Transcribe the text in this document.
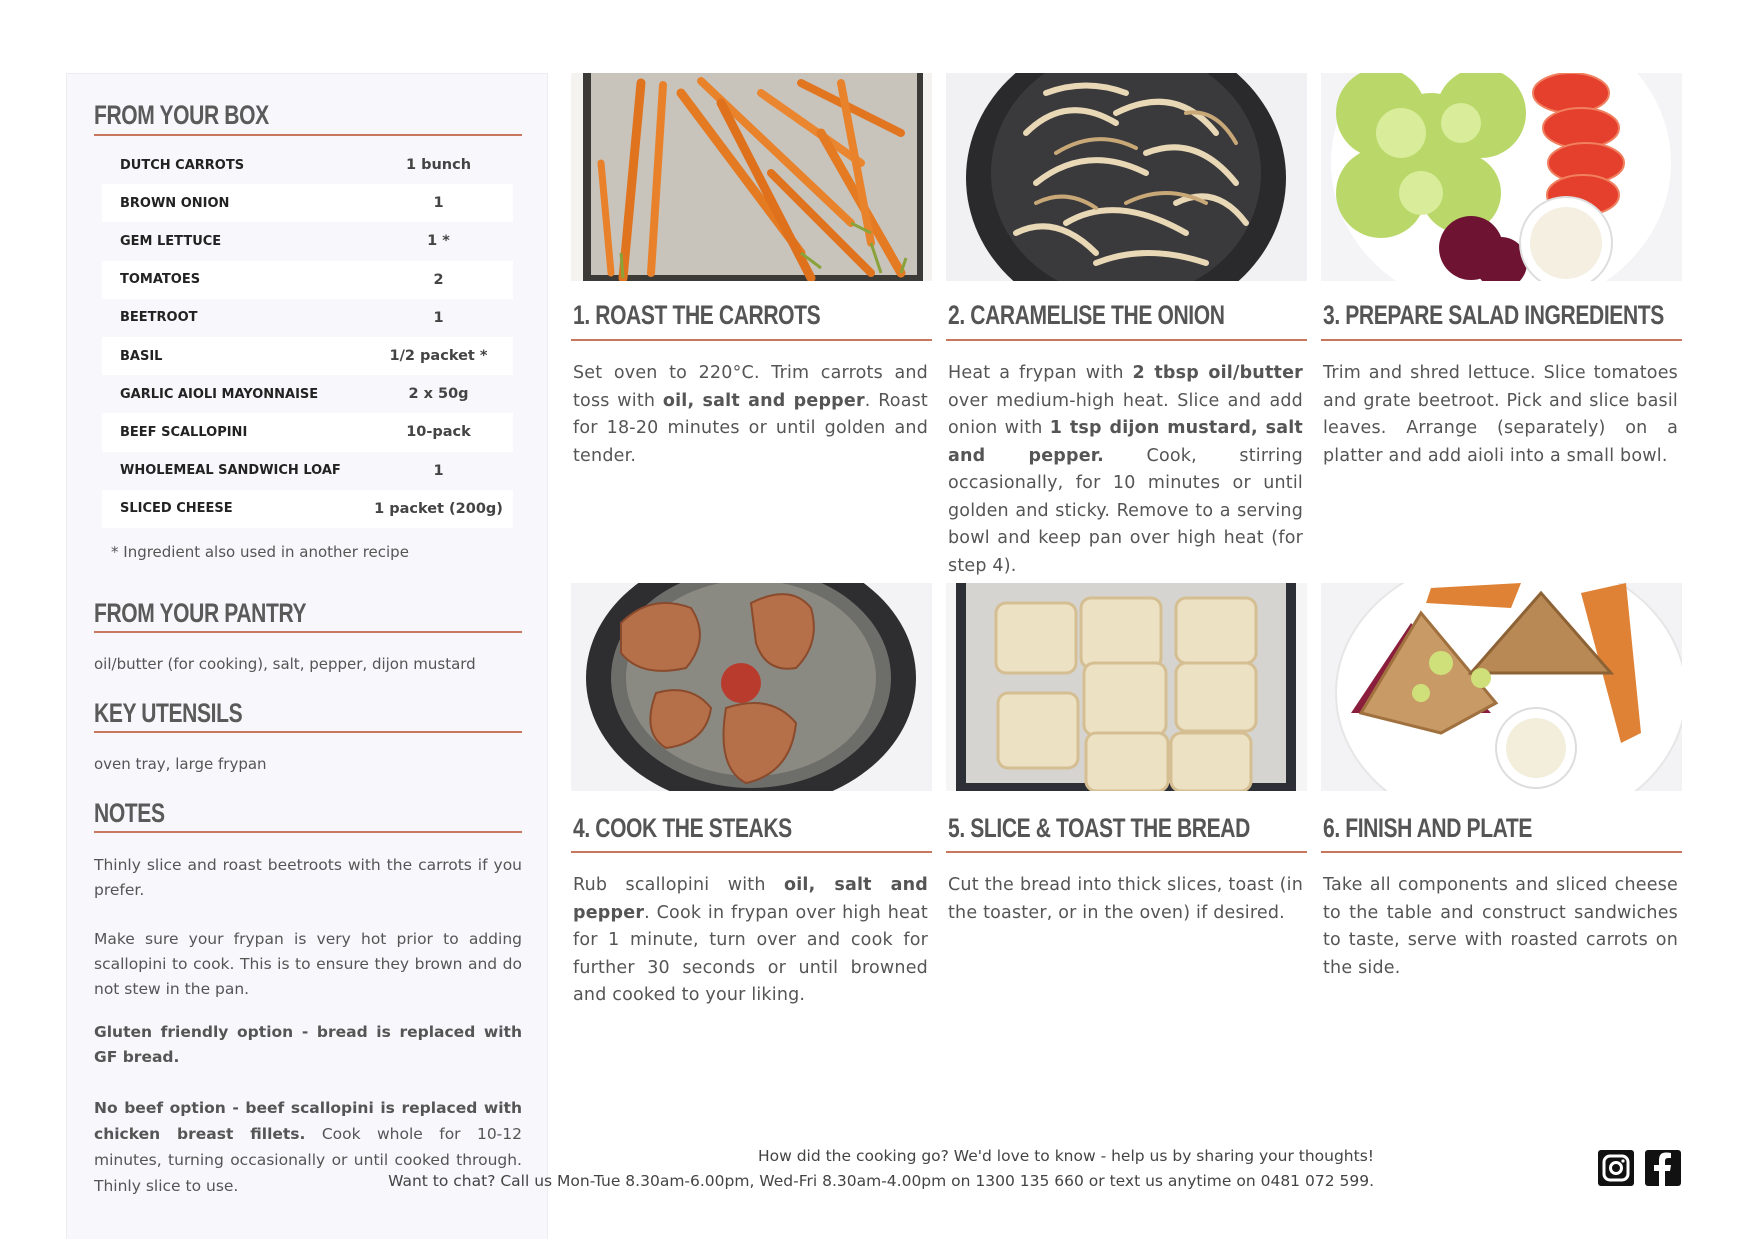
FROM YOUR BOX
DUTCH CARROTS	1 bunch
BROWN ONION	1
GEM LETTUCE	1 *
TOMATOES	2
BEETROOT	1
BASIL	1/2 packet *
GARLIC AIOLI MAYONNAISE	2 x 50g
BEEF SCALLOPINI	10-pack
WHOLEMEAL SANDWICH LOAF	1
SLICED CHEESE	1 packet (200g)
* Ingredient also used in another recipe
FROM YOUR PANTRY
oil/butter (for cooking), salt, pepper, dijon mustard
KEY UTENSILS
oven tray, large frypan
NOTES
Thinly slice and roast beetroots with the carrots if you prefer.
Make sure your frypan is very hot prior to adding scallopini to cook. This is to ensure they brown and do not stew in the pan.
Gluten friendly option - bread is replaced with GF bread.
No beef option - beef scallopini is replaced with chicken breast fillets. Cook whole for 10-12 minutes, turning occasionally or until cooked through. Thinly slice to use.
1. ROAST THE CARROTS
Set oven to 220°C. Trim carrots and toss with oil, salt and pepper. Roast for 18-20 minutes or until golden and tender.
2. CARAMELISE THE ONION
Heat a frypan with 2 tbsp oil/butter over medium-high heat. Slice and add onion with 1 tsp dijon mustard, salt and pepper. Cook, stirring occasionally, for 10 minutes or until golden and sticky. Remove to a serving bowl and keep pan over high heat (for step 4).
3. PREPARE SALAD INGREDIENTS
Trim and shred lettuce. Slice tomatoes and grate beetroot. Pick and slice basil leaves. Arrange (separately) on a platter and add aioli into a small bowl.
4. COOK THE STEAKS
Rub scallopini with oil, salt and pepper. Cook in frypan over high heat for 1 minute, turn over and cook for further 30 seconds or until browned and cooked to your liking.
5. SLICE & TOAST THE BREAD
Cut the bread into thick slices, toast (in the toaster, or in the oven) if desired.
6. FINISH AND PLATE
Take all components and sliced cheese to the table and construct sandwiches to taste, serve with roasted carrots on the side.
How did the cooking go? We'd love to know - help us by sharing your thoughts!
Want to chat? Call us Mon-Tue 8.30am-6.00pm, Wed-Fri 8.30am-4.00pm on 1300 135 660 or text us anytime on 0481 072 599.
